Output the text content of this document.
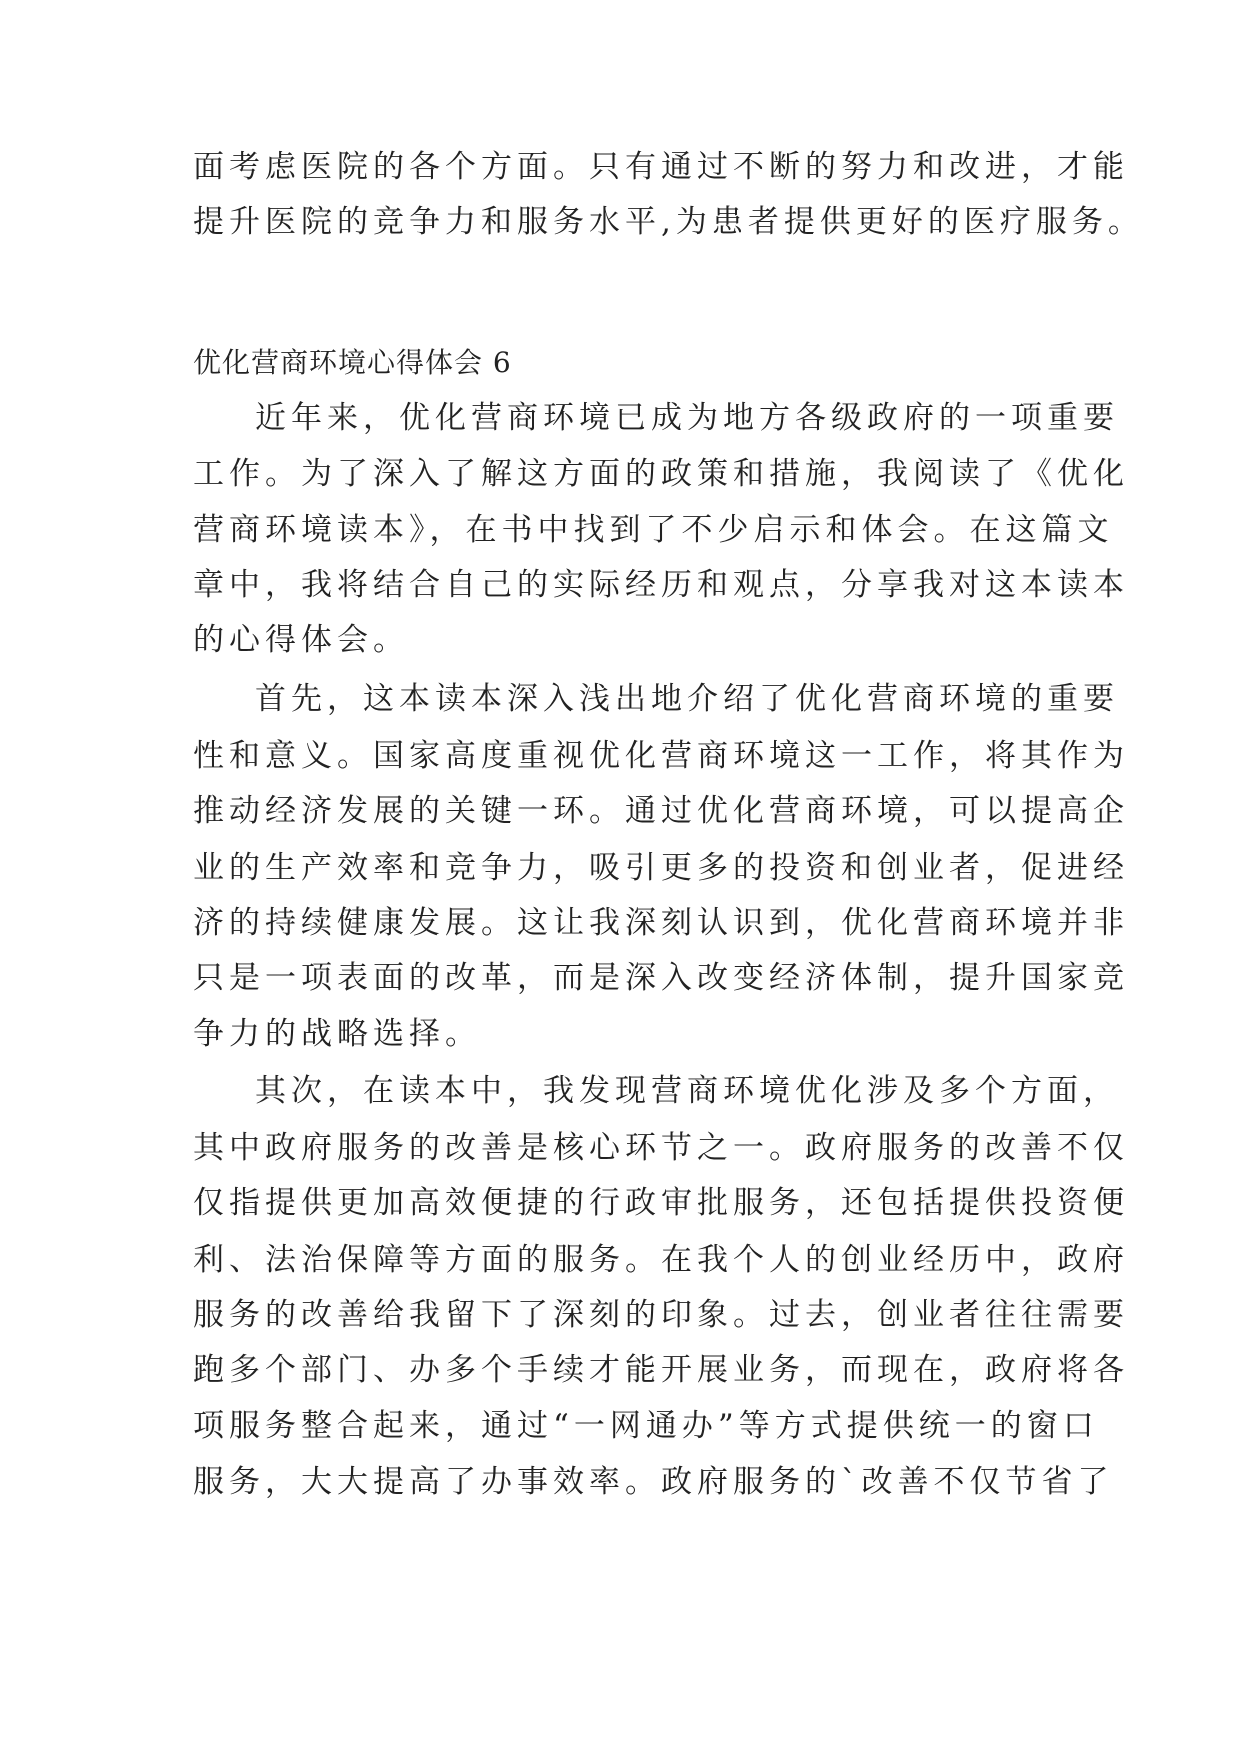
面考虑医院的各个方面。只有通过不断的努力和改进，才能
提升医院的竞争力和服务水平,为患者提供更好的医疗服务。
优化营商环境心得体会 6
近年来，优化营商环境已成为地方各级政府的一项重要
工作。为了深入了解这方面的政策和措施，我阅读了《优化
营商环境读本》，在书中找到了不少启示和体会。在这篇文
章中，我将结合自己的实际经历和观点，分享我对这本读本
的心得体会。
首先，这本读本深入浅出地介绍了优化营商环境的重要
性和意义。国家高度重视优化营商环境这一工作，将其作为
推动经济发展的关键一环。通过优化营商环境，可以提高企
业的生产效率和竞争力，吸引更多的投资和创业者，促进经
济的持续健康发展。这让我深刻认识到，优化营商环境并非
只是一项表面的改革，而是深入改变经济体制，提升国家竞
争力的战略选择。
其次，在读本中，我发现营商环境优化涉及多个方面，
其中政府服务的改善是核心环节之一。政府服务的改善不仅
仅指提供更加高效便捷的行政审批服务，还包括提供投资便
利、法治保障等方面的服务。在我个人的创业经历中，政府
服务的改善给我留下了深刻的印象。过去，创业者往往需要
跑多个部门、办多个手续才能开展业务，而现在，政府将各
项服务整合起来，通过“一网通办”等方式提供统一的窗口
服务，大大提高了办事效率。政府服务的`改善不仅节省了
